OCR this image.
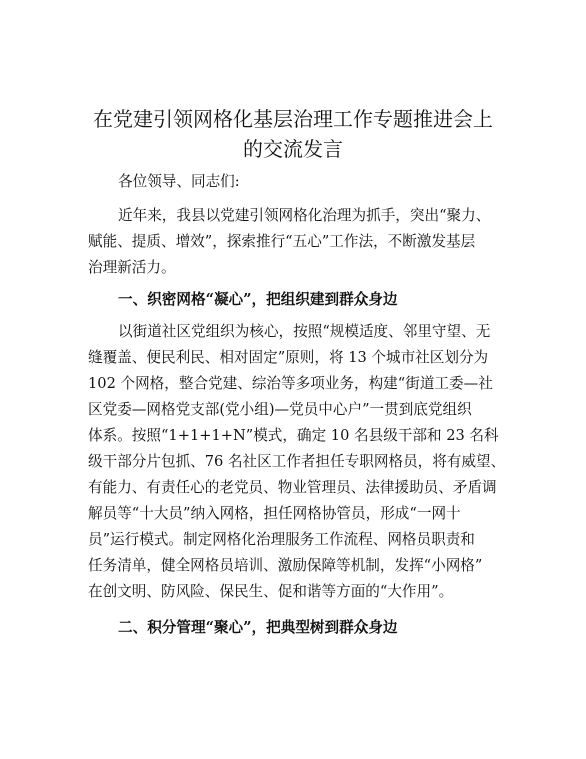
在党建引领网格化基层治理工作专题推进会上
的交流发言

各位领导、同志们:

近年来，我县以党建引领网格化治理为抓手，突出“聚力、

赋能、提质、增效”，探索推行“五心”工作法，不断激发基层

治理新活力。

一、织密网格“凝心”，把组织建到群众身边

以街道社区党组织为核心，按照“规模适度、邻里守望、无

缝覆盖、便民利民、相对固定”原则，将 13 个城市社区划分为

102 个网格，整合党建、综治等多项业务，构建“街道工委—社

区党委—网格党支部(党小组)—党员中心户”一贯到底党组织

体系。按照“1+1+1+N”模式，确定 10 名县级干部和 23 名科

级干部分片包抓、76 名社区工作者担任专职网格员，将有威望、

有能力、有责任心的老党员、物业管理员、法律援助员、矛盾调

解员等“十大员”纳入网格，担任网格协管员，形成“一网十

员”运行模式。制定网格化治理服务工作流程、网格员职责和

任务清单，健全网格员培训、激励保障等机制，发挥“小网格”

在创文明、防风险、保民生、促和谐等方面的“大作用”。

二、积分管理“聚心”，把典型树到群众身边
